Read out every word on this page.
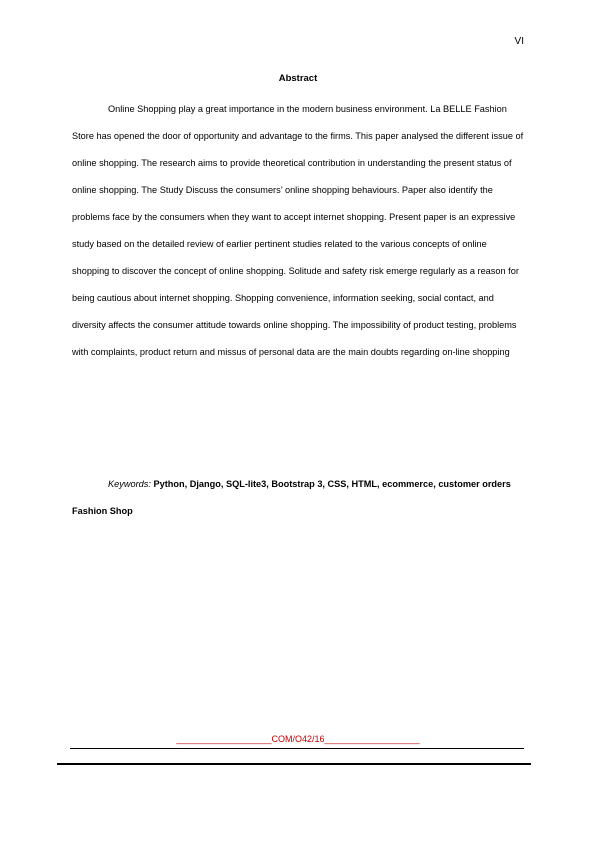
VI
Abstract

Online Shopping play a great importance in the modern business environment. La BELLE Fashion Store has opened the door of opportunity and advantage to the firms. This paper analysed the different issue of online shopping. The research aims to provide theoretical contribution in understanding the present status of online shopping. The Study Discuss the consumers’ online shopping behaviours. Paper also identify the problems face by the consumers when they want to accept internet shopping. Present paper is an expressive study based on the detailed review of earlier pertinent studies related to the various concepts of online shopping to discover the concept of online shopping. Solitude and safety risk emerge regularly as a reason for being cautious about internet shopping. Shopping convenience, information seeking, social contact, and diversity affects the consumer attitude towards online shopping. The impossibility of product testing, problems with complaints, product return and missus of personal data are the main doubts regarding on-line shopping

Keywords: Python, Django, SQL-lite3, Bootstrap 3, CSS, HTML, ecommerce, customer orders Fashion Shop

___________________COM/O42/16___________________
